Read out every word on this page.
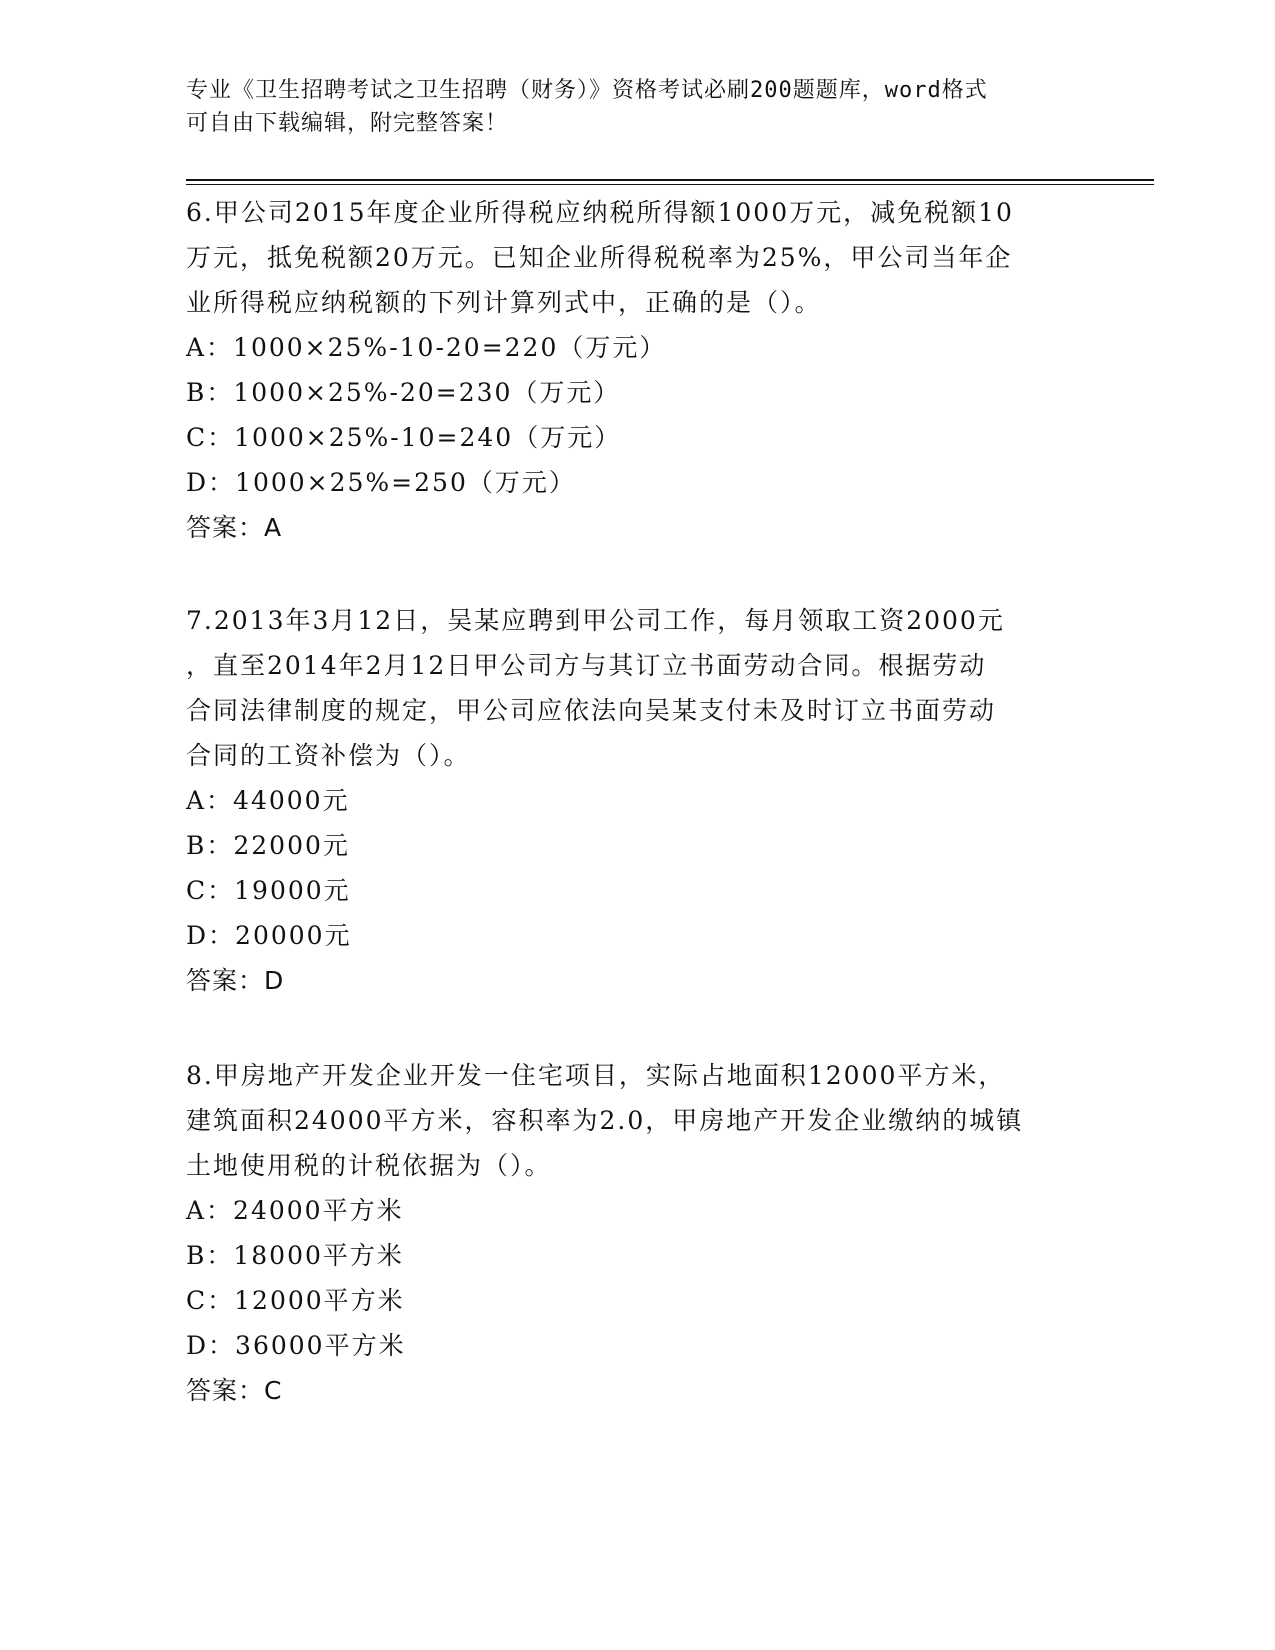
专业《卫生招聘考试之卫生招聘（财务）》资格考试必刷200题题库，word格式
可自由下载编辑，附完整答案！

6.甲公司2015年度企业所得税应纳税所得额1000万元，减免税额10

万元，抵免税额20万元。已知企业所得税税率为25%，甲公司当年企

业所得税应纳税额的下列计算列式中，正确的是（）。

A：1000×25%-10-20=220（万元）

B：1000×25%-20=230（万元）

C：1000×25%-10=240（万元）

D：1000×25%=250（万元）

答案：A

7.2013年3月12日，吴某应聘到甲公司工作，每月领取工资2000元

，直至2014年2月12日甲公司方与其订立书面劳动合同。根据劳动

合同法律制度的规定，甲公司应依法向吴某支付未及时订立书面劳动

合同的工资补偿为（）。

A：44000元

B：22000元

C：19000元

D：20000元

答案：D

8.甲房地产开发企业开发一住宅项目，实际占地面积12000平方米，

建筑面积24000平方米，容积率为2.0，甲房地产开发企业缴纳的城镇

土地使用税的计税依据为（）。

A：24000平方米

B：18000平方米

C：12000平方米

D：36000平方米

答案：C
